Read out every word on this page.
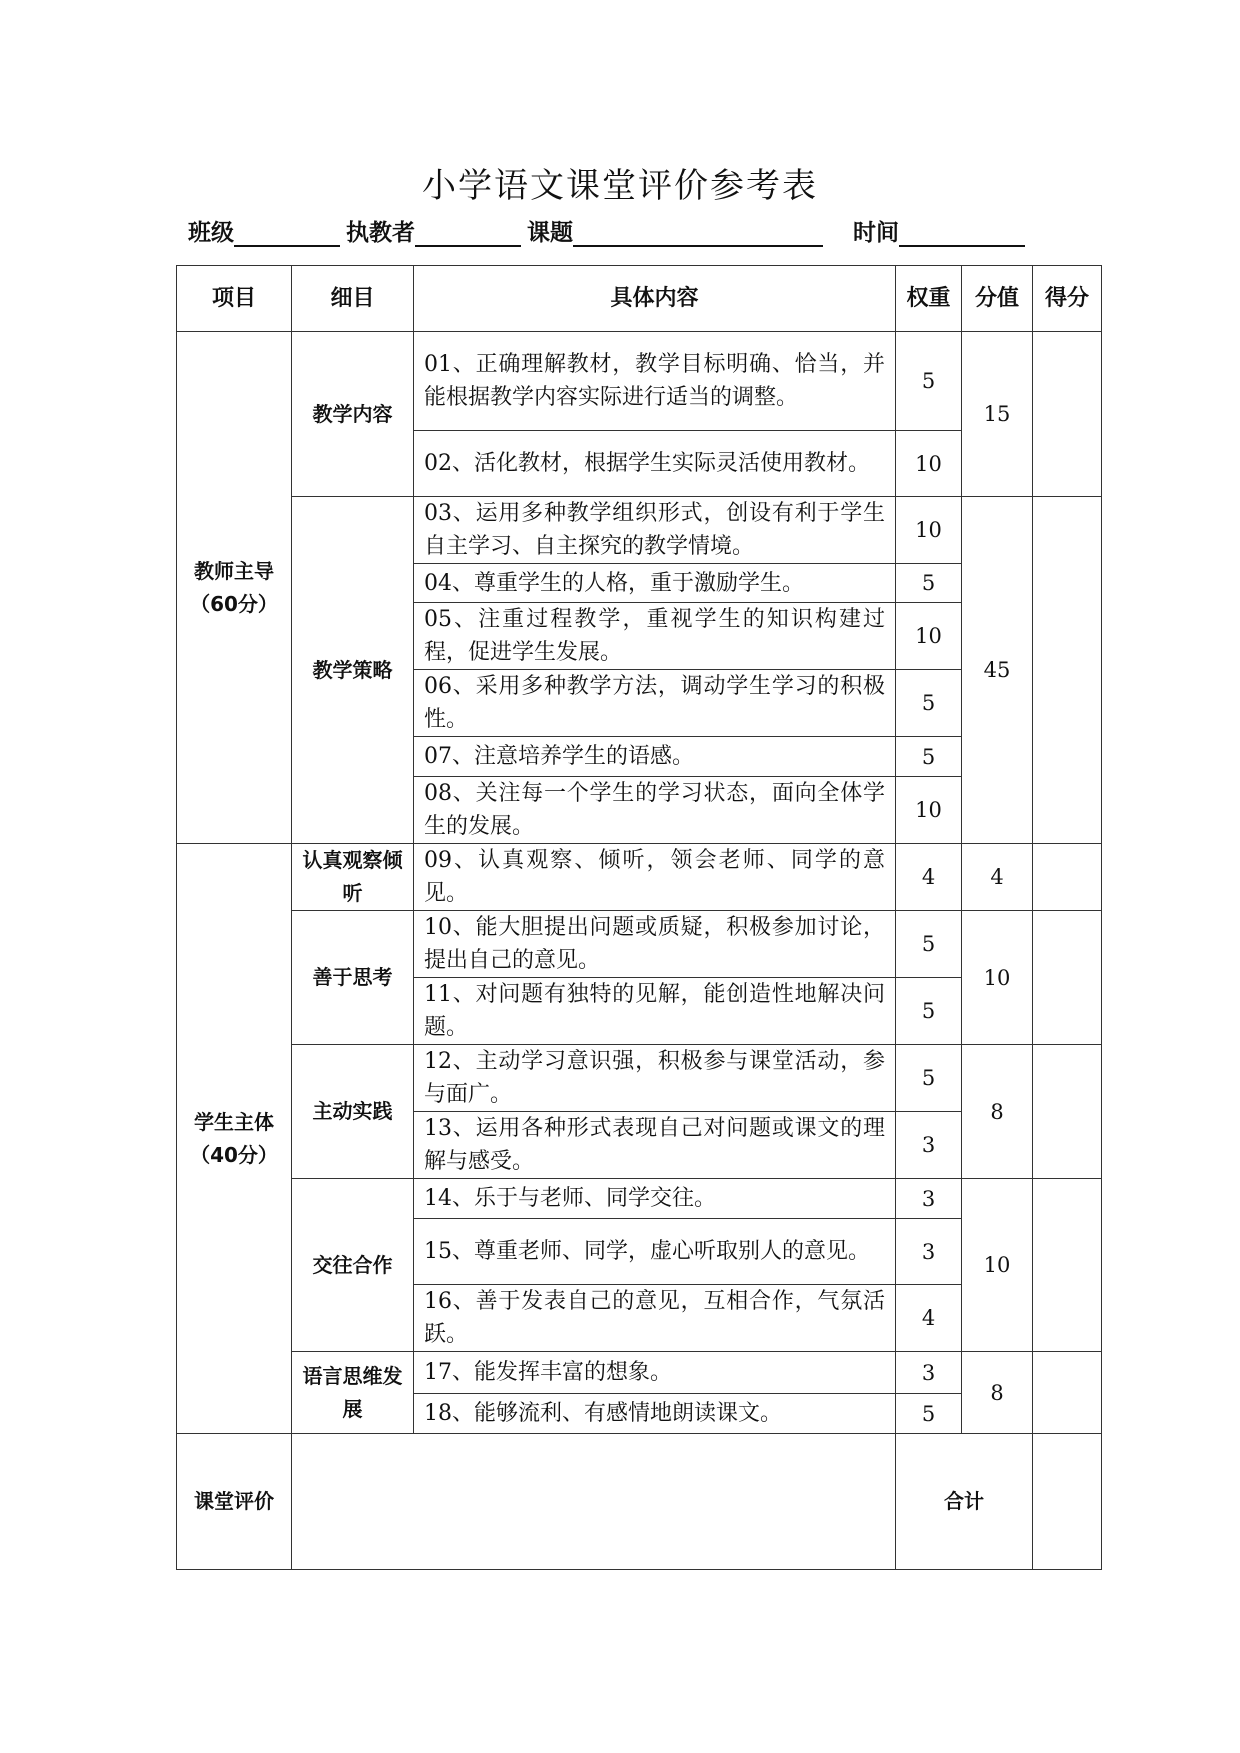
小学语文课堂评价参考表
班级	执教者	课题	时间
项目	细目	具体内容	权重	分值	得分
教师主导（60分）	教学内容	01、正确理解教材，教学目标明确、恰当，并能根据教学内容实际进行适当的调整。	5	15	
		02、活化教材，根据学生实际灵活使用教材。	10		
	教学策略	03、运用多种教学组织形式，创设有利于学生自主学习、自主探究的教学情境。	10	45	
		04、尊重学生的人格，重于激励学生。	5		
		05、注重过程教学，重视学生的知识构建过程，促进学生发展。	10		
		06、采用多种教学方法，调动学生学习的积极性。	5		
		07、注意培养学生的语感。	5		
		08、关注每一个学生的学习状态，面向全体学生的发展。	10		
学生主体（40分）	认真观察倾　听	09、认真观察、倾听，领会老师、同学的意见。	4	4	
	善于思考	10、能大胆提出问题或质疑，积极参加讨论，提出自己的意见。	5	10	
		11、对问题有独特的见解，能创造性地解决问题。	5		
	主动实践	12、主动学习意识强，积极参与课堂活动，参与面广。	5	8	
		13、运用各种形式表现自己对问题或课文的理解与感受。	3		
	交往合作	14、乐于与老师、同学交往。	3	10	
		15、尊重老师、同学，虚心听取别人的意见。	3		
		16、善于发表自己的意见，互相合作，气氛活跃。	4		
	语言思维发　展	17、能发挥丰富的想象。	3	8	
		18、能够流利、有感情地朗读课文。	5		
课堂评价			合计		
